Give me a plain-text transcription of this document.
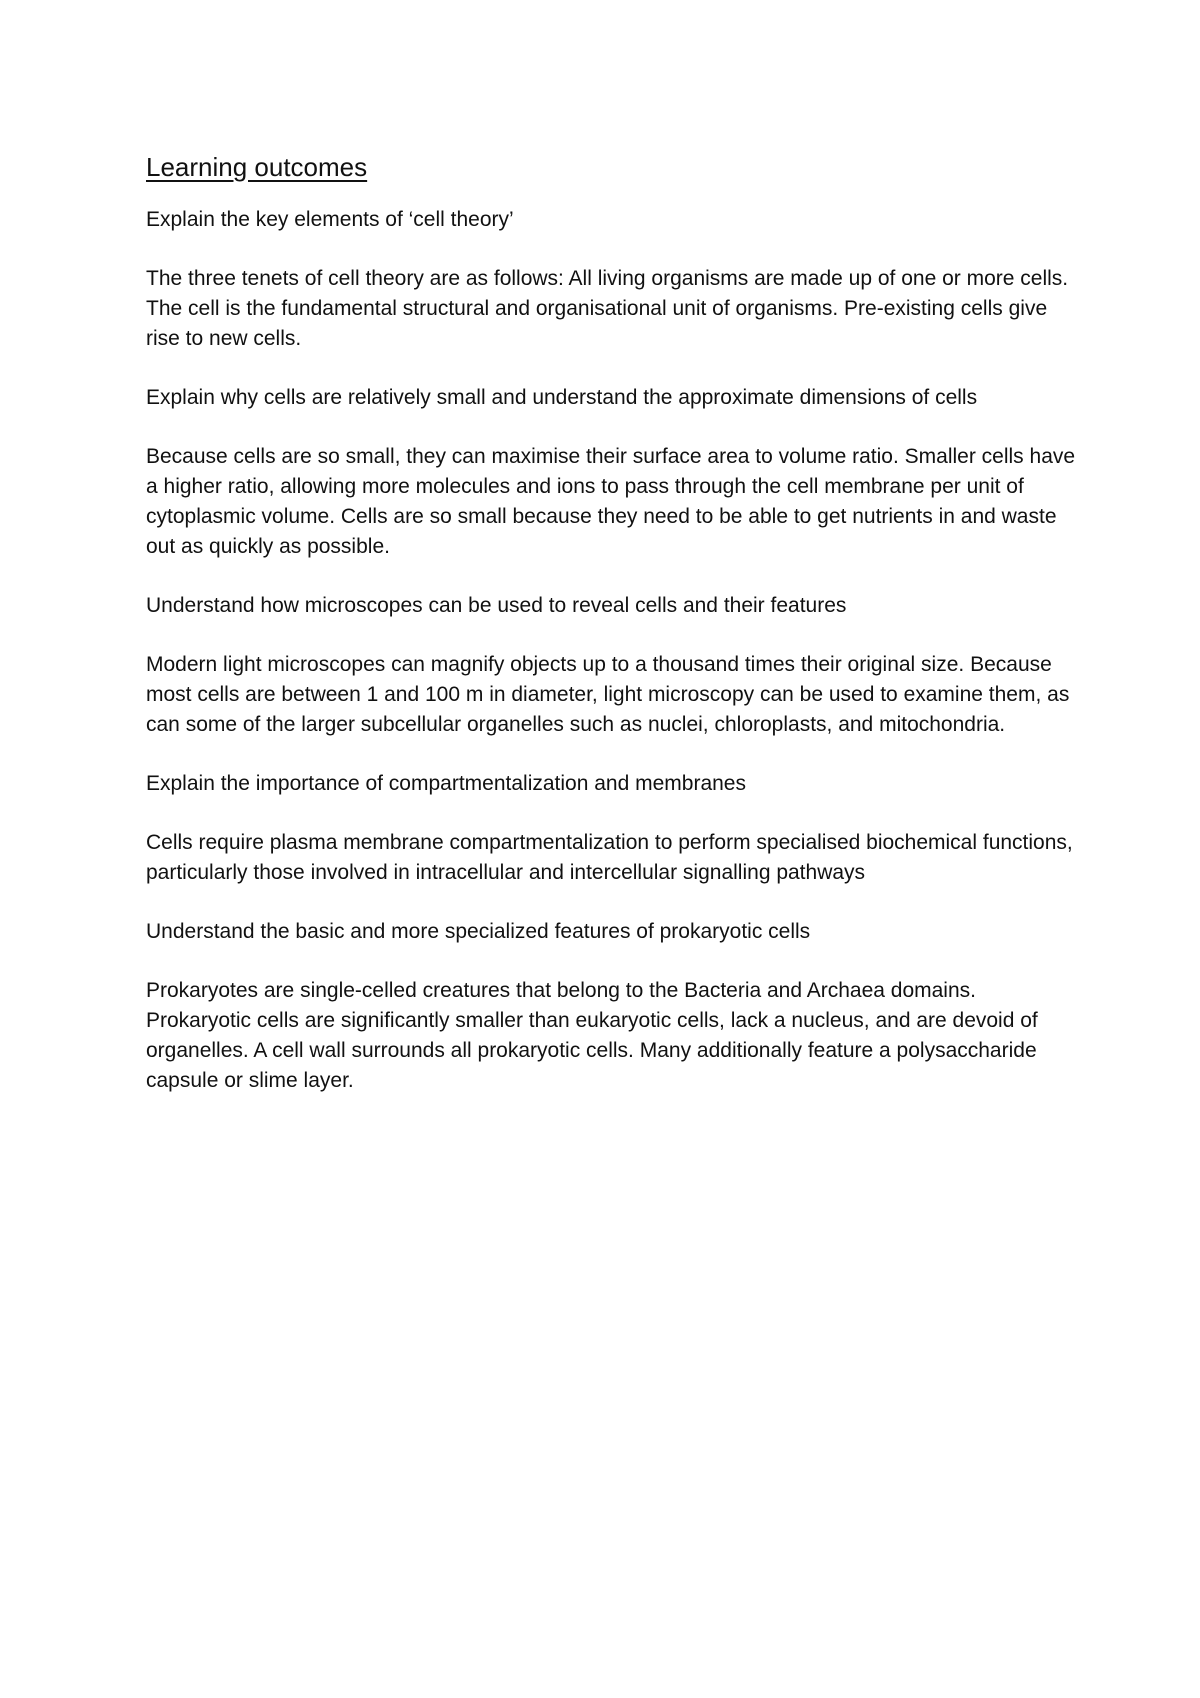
Learning outcomes
Explain the key elements of ‘cell theory’

The three tenets of cell theory are as follows: All living organisms are made up of one or more cells. The cell is the fundamental structural and organisational unit of organisms. Pre-existing cells give rise to new cells.

Explain why cells are relatively small and understand the approximate dimensions of cells

Because cells are so small, they can maximise their surface area to volume ratio. Smaller cells have a higher ratio, allowing more molecules and ions to pass through the cell membrane per unit of cytoplasmic volume. Cells are so small because they need to be able to get nutrients in and waste out as quickly as possible.

Understand how microscopes can be used to reveal cells and their features

Modern light microscopes can magnify objects up to a thousand times their original size. Because most cells are between 1 and 100 m in diameter, light microscopy can be used to examine them, as can some of the larger subcellular organelles such as nuclei, chloroplasts, and mitochondria.

Explain the importance of compartmentalization and membranes

Cells require plasma membrane compartmentalization to perform specialised biochemical functions, particularly those involved in intracellular and intercellular signalling pathways

Understand the basic and more specialized features of prokaryotic cells

Prokaryotes are single-celled creatures that belong to the Bacteria and Archaea domains. Prokaryotic cells are significantly smaller than eukaryotic cells, lack a nucleus, and are devoid of organelles. A cell wall surrounds all prokaryotic cells. Many additionally feature a polysaccharide capsule or slime layer.
